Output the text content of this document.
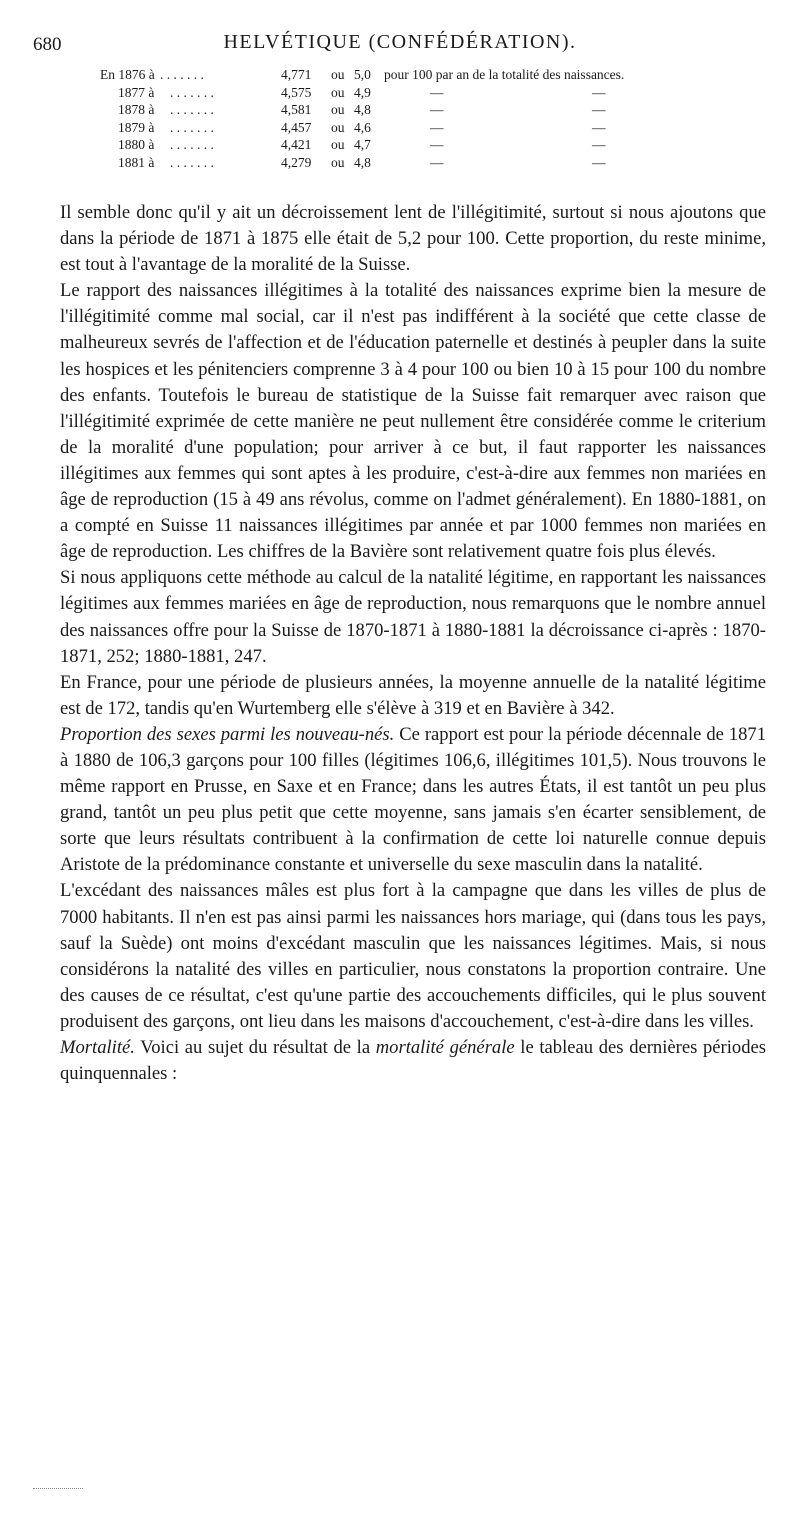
680	HELVÉTIQUE (CONFÉDÉRATION).
En 1876 à . . . . . . .	4,771 ou 5,0 pour 100 par an de la totalité des naissances.
1877 à . . . . . . .	4,575 ou 4,9	—	—
1878 à . . . . . . .	4,581 ou 4,8	—	—
1879 à . . . . . . .	4,457 ou 4,6	—	—
1880 à . . . . . . .	4,421 ou 4,7	—	—
1881 à . . . . . . .	4,279 ou 4,8	—	—

Il semble donc qu'il y ait un décroissement lent de l'illégitimité, surtout si nous ajoutons que dans la période de 1871 à 1875 elle était de 5,2 pour 100. Cette proportion, du reste minime, est tout à l'avantage de la moralité de la Suisse.

Le rapport des naissances illégitimes à la totalité des naissances exprime bien la mesure de l'illégitimité comme mal social, car il n'est pas indifférent à la société que cette classe de malheureux sevrés de l'affection et de l'éducation paternelle et destinés à peupler dans la suite les hospices et les pénitenciers comprenne 3 à 4 pour 100 ou bien 10 à 15 pour 100 du nombre des enfants. Toutefois le bureau de statistique de la Suisse fait remarquer avec raison que l'illégitimité exprimée de cette manière ne peut nullement être considérée comme le criterium de la moralité d'une population; pour arriver à ce but, il faut rapporter les naissances illégitimes aux femmes qui sont aptes à les produire, c'est-à-dire aux femmes non mariées en âge de reproduction (15 à 49 ans révolus, comme on l'admet généralement). En 1880-1881, on a compté en Suisse 11 naissances illégitimes par année et par 1000 femmes non mariées en âge de reproduction. Les chiffres de la Bavière sont relativement quatre fois plus élevés.

Si nous appliquons cette méthode au calcul de la natalité légitime, en rapportant les naissances légitimes aux femmes mariées en âge de reproduction, nous remarquons que le nombre annuel des naissances offre pour la Suisse de 1870-1871 à 1880-1881 la décroissance ci-après : 1870-1871, 252; 1880-1881, 247.

En France, pour une période de plusieurs années, la moyenne annuelle de la natalité légitime est de 172, tandis qu'en Wurtemberg elle s'élève à 319 et en Bavière à 342.

Proportion des sexes parmi les nouveau-nés. Ce rapport est pour la période décennale de 1871 à 1880 de 106,3 garçons pour 100 filles (légitimes 106,6, illégitimes 101,5). Nous trouvons le même rapport en Prusse, en Saxe et en France; dans les autres États, il est tantôt un peu plus grand, tantôt un peu plus petit que cette moyenne, sans jamais s'en écarter sensiblement, de sorte que leurs résultats contribuent à la confirmation de cette loi naturelle connue depuis Aristote de la prédominance constante et universelle du sexe masculin dans la natalité.

L'excédant des naissances mâles est plus fort à la campagne que dans les villes de plus de 7000 habitants. Il n'en est pas ainsi parmi les naissances hors mariage, qui (dans tous les pays, sauf la Suède) ont moins d'excédant masculin que les naissances légitimes. Mais, si nous considérons la natalité des villes en particulier, nous constatons la proportion contraire. Une des causes de ce résultat, c'est qu'une partie des accouchements difficiles, qui le plus souvent produisent des garçons, ont lieu dans les maisons d'accouchement, c'est-à-dire dans les villes.

Mortalité. Voici au sujet du résultat de la mortalité générale le tableau des dernières périodes quinquennales :
